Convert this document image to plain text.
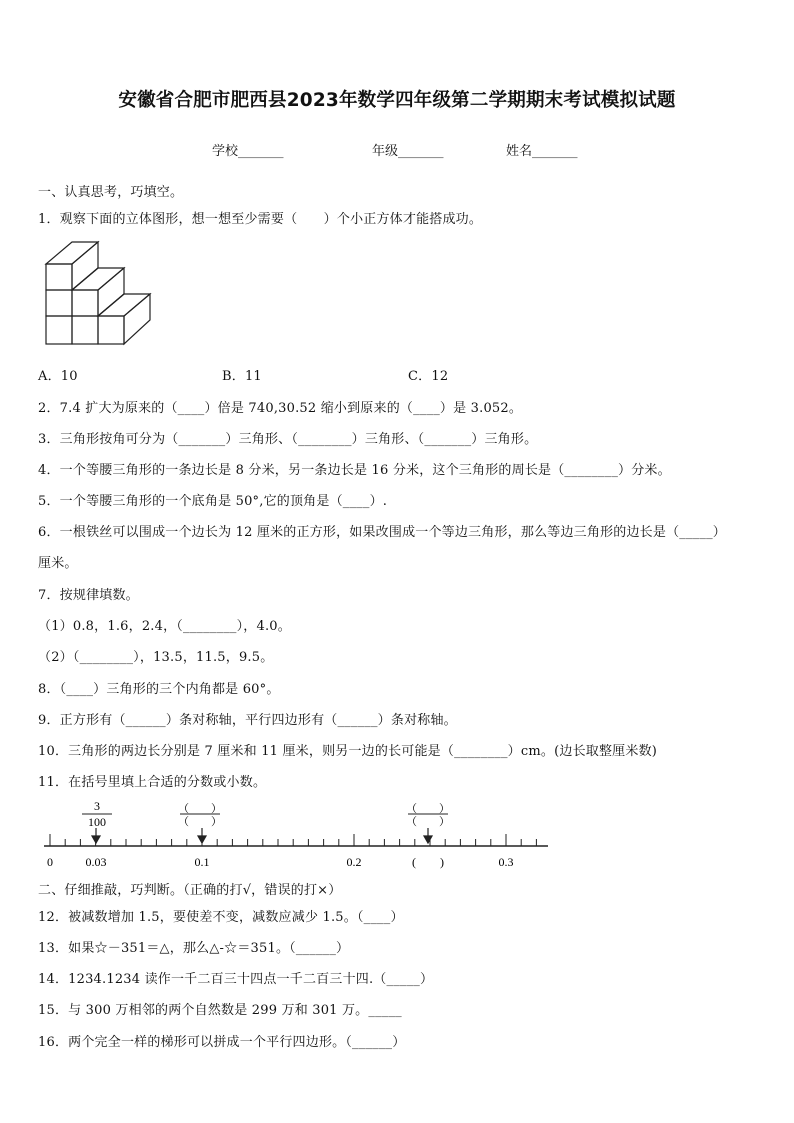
安徽省合肥市肥西县2023年数学四年级第二学期期末考试模拟试题
学校_______	年级_______	姓名_______
一、认真思考，巧填空。
1．观察下面的立体图形，想一想至少需要（　　）个小正方体才能搭成功。
A．10	B．11	C．12
2．7.4 扩大为原来的（____）倍是 740,30.52 缩小到原来的（____）是 3.052。
3．三角形按角可分为（_______）三角形、（________）三角形、（_______）三角形。
4．一个等腰三角形的一条边长是 8 分米，另一条边长是 16 分米，这个三角形的周长是（________）分米。
5．一个等腰三角形的一个底角是 50°,它的顶角是（____）.
6．一根铁丝可以围成一个边长为 12 厘米的正方形，如果改围成一个等边三角形，那么等边三角形的边长是（_____）
厘米。
7．按规律填数。
（1）0.8，1.6，2.4，（________），4.0。
（2）（________），13.5，11.5，9.5。
8．（____）三角形的三个内角都是 60°。
9．正方形有（______）条对称轴，平行四边形有（______）条对称轴。
10．三角形的两边长分别是 7 厘米和 11 厘米，则另一边的长可能是（________）cm。(边长取整厘米数)
11．在括号里填上合适的分数或小数。
3
100
（　　）
（　　）
（　　）
（　　）
0	0.03	0.1	0.2	(　　)	0.3
二、仔细推敲，巧判断。（正确的打√，错误的打×）
12．被减数增加 1.5，要使差不变，减数应减少 1.5。（____）
13．如果☆－351＝△，那么△-☆＝351。（______）
14．1234.1234 读作一千二百三十四点一千二百三十四.（_____）
15．与 300 万相邻的两个自然数是 299 万和 301 万。_____
16．两个完全一样的梯形可以拼成一个平行四边形。（______）
